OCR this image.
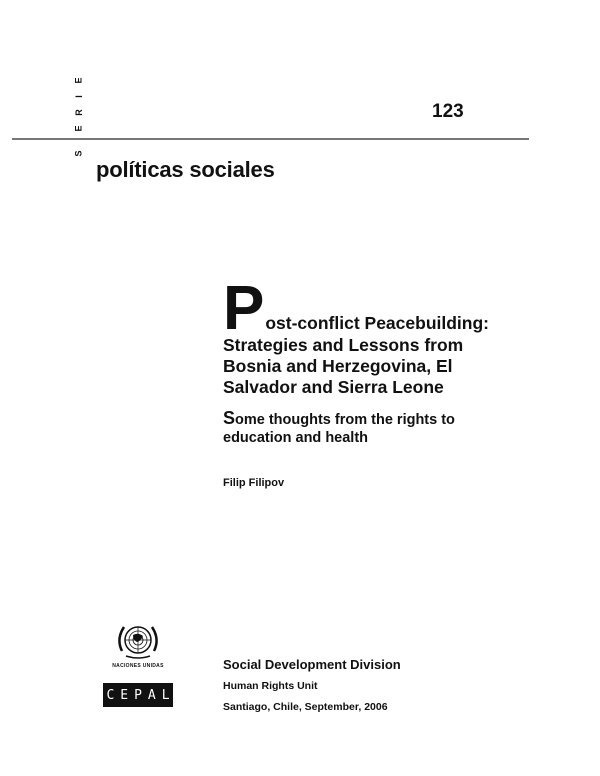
E
I
R
E
S
123
políticas sociales
P ost-conflict Peacebuilding:
Strategies and Lessons from Bosnia and Herzegovina, El Salvador and Sierra Leone
Some thoughts from the rights to education and health
Filip Filipov
NACIONES UNIDAS
CEPAL
Social Development Division
Human Rights Unit
Santiago, Chile, September, 2006
